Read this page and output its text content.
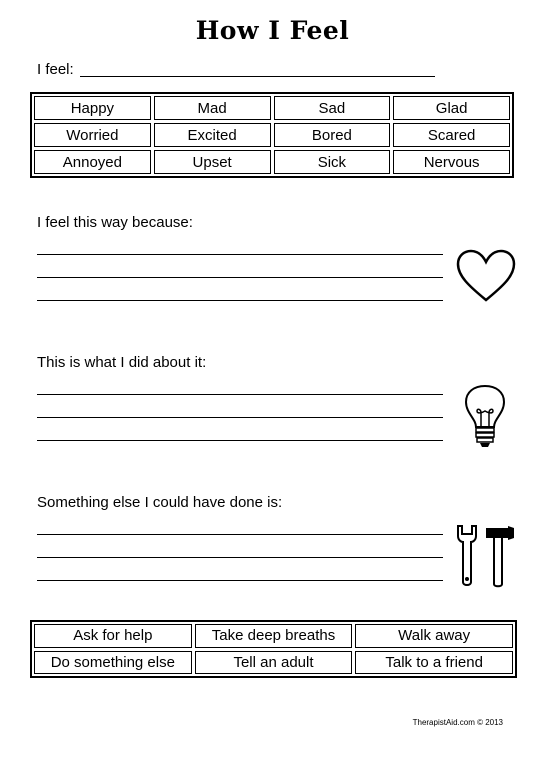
How I Feel
I feel:
Happy	Mad	Sad	Glad
Worried	Excited	Bored	Scared
Annoyed	Upset	Sick	Nervous
I feel this way because:
This is what I did about it:
Something else I could have done is:
Ask for help	Take deep breaths	Walk away
Do something else	Tell an adult	Talk to a friend
TherapistAid.com © 2013
